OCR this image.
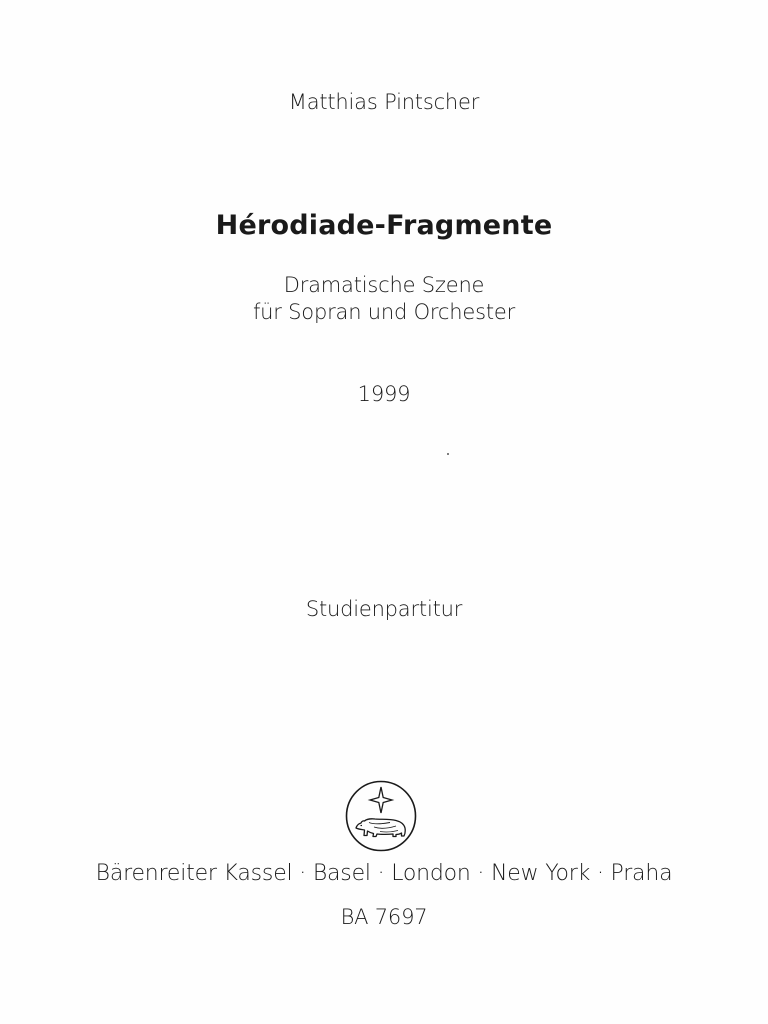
Matthias Pintscher
Hérodiade-Fragmente
Dramatische Szene
für Sopran und Orchester
1999
Studienpartitur
Bärenreiter Kassel · Basel · London · New York · Praha
BA 7697
